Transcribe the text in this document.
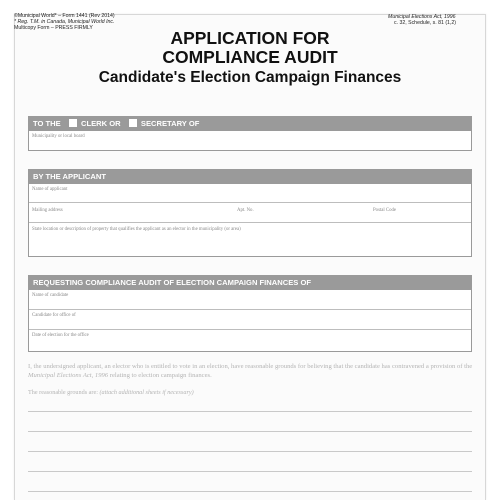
©Municipal World* – Form 1441 (Rev 2014)
* Reg. T.M. in Canada, Municipal World Inc.
Multicopy Form – PRESS FIRMLY
Municipal Elections Act, 1996
c. 32, Schedule, s. 81 (1,2)
APPLICATION FOR
COMPLIANCE AUDIT
Candidate's Election Campaign Finances
TO THE	CLERK OR	SECRETARY OF
Municipality or local board
BY THE APPLICANT
Name of applicant
Mailing address	Apt. No.	Postal Code
State location or description of property that qualifies the applicant as an elector in the municipality (or area)
REQUESTING COMPLIANCE AUDIT OF ELECTION CAMPAIGN FINANCES OF
Name of candidate
Candidate for office of
Date of election for the office
I, the undersigned applicant, an elector who is entitled to vote in an election, have reasonable grounds for believing that the candidate has contravened a provision of the Municipal Elections Act, 1996 relating to election campaign finances.
The reasonable grounds are: (attach additional sheets if necessary)
